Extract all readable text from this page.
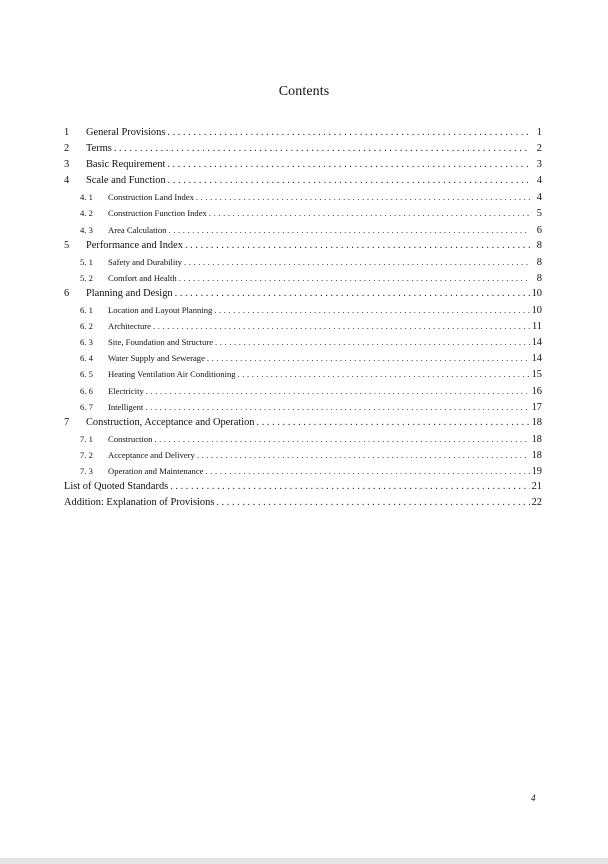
Contents
1 General Provisions .....	1
2 Terms .....	2
3 Basic Requirement .....	3
4 Scale and Function .....	4
4. 1 Construction Land Index .....	4
4. 2 Construction Function Index .....	5
4. 3 Area Calculation .....	6
5 Performance and Index .....	8
5. 1 Safety and Durability .....	8
5. 2 Comfort and Health .....	8
6 Planning and Design .....	10
6. 1 Location and Layout Planning .....	10
6. 2 Architecture .....	11
6. 3 Site, Foundation and Structure .....	14
6. 4 Water Supply and Sewerage .....	14
6. 5 Heating Ventilation Air Conditioning .....	15
6. 6 Electricity .....	16
6. 7 Intelligent .....	17
7 Construction, Acceptance and Operation .....	18
7. 1 Construction .....	18
7. 2 Acceptance and Delivery .....	18
7. 3 Operation and Maintenance .....	19
List of Quoted Standards .....	21
Addition: Explanation of Provisions .....	22
4
